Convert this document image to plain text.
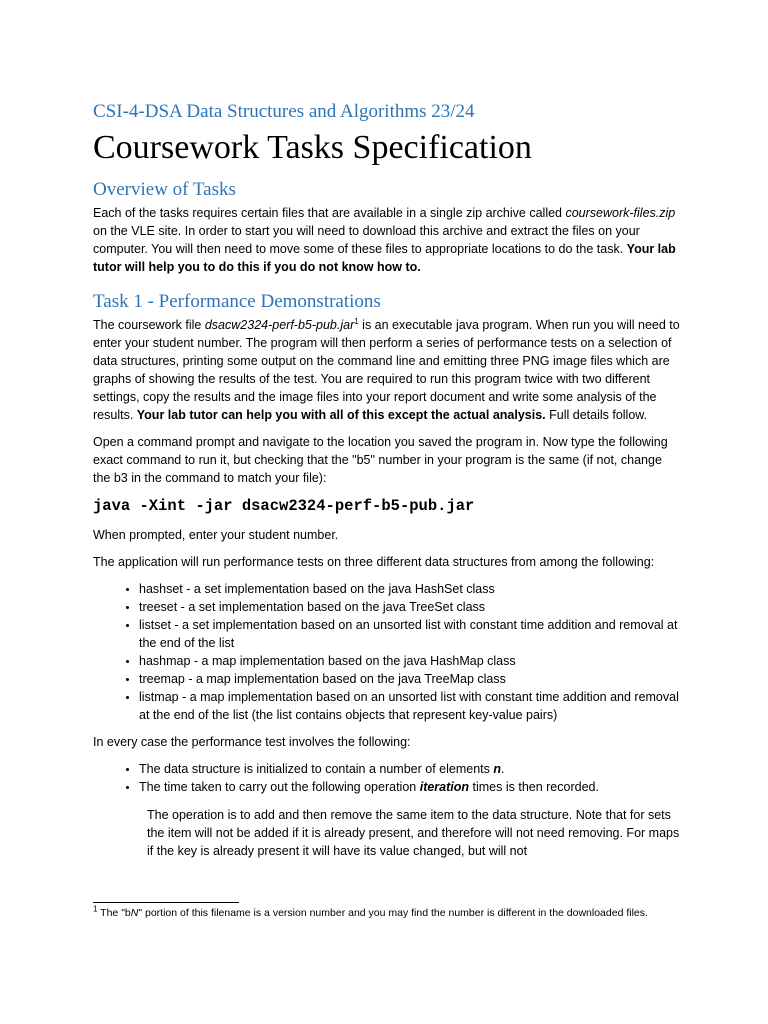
CSI-4-DSA Data Structures and Algorithms 23/24
Coursework Tasks Specification
Overview of Tasks

Each of the tasks requires certain files that are available in a single zip archive called coursework-files.zip on the VLE site. In order to start you will need to download this archive and extract the files on your computer. You will then need to move some of these files to appropriate locations to do the task. Your lab tutor will help you to do this if you do not know how to.

Task 1 - Performance Demonstrations

The coursework file dsacw2324-perf-b5-pub.jar$^1$ is an executable java program. When run you will need to enter your student number. The program will then perform a series of performance tests on a selection of data structures, printing some output on the command line and emitting three PNG image files which are graphs of showing the results of the test. You are required to run this program twice with two different settings, copy the results and the image files into your report document and write some analysis of the results. Your lab tutor can help you with all of this except the actual analysis. Full details follow.

Open a command prompt and navigate to the location you saved the program in. Now type the following exact command to run it, but checking that the "b5" number in your program is the same (if not, change the b3 in the command to match your file):

java -Xint -jar dsacw2324-perf-b5-pub.jar

When prompted, enter your student number.

The application will run performance tests on three different data structures from among the following:

• hashset - a set implementation based on the java HashSet class
• treeset - a set implementation based on the java TreeSet class
• listset - a set implementation based on an unsorted list with constant time addition and removal at the end of the list
• hashmap - a map implementation based on the java HashMap class
• treemap - a map implementation based on the java TreeMap class
• listmap - a map implementation based on an unsorted list with constant time addition and removal at the end of the list (the list contains objects that represent key-value pairs)

In every case the performance test involves the following:

• The data structure is initialized to contain a number of elements n.
• The time taken to carry out the following operation iteration times is then recorded.

The operation is to add and then remove the same item to the data structure. Note that for sets the item will not be added if it is already present, and therefore will not need removing. For maps if the key is already present it will have its value changed, but will not

$^1$ The "bN" portion of this filename is a version number and you may find the number is different in the downloaded files.
